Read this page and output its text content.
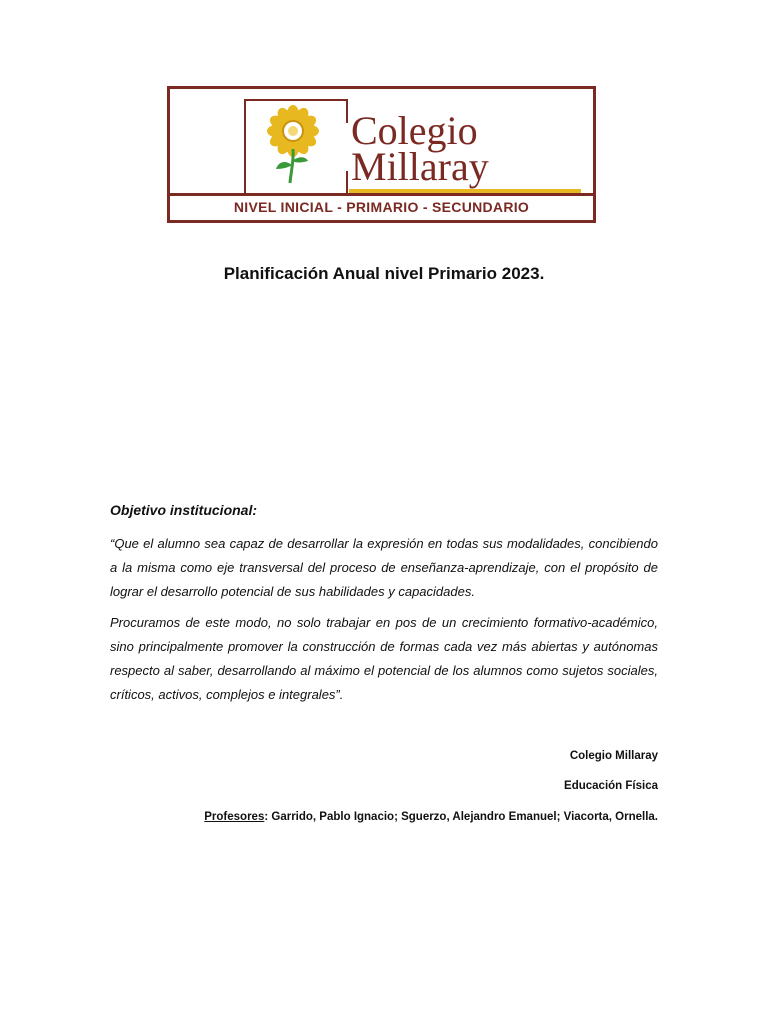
Colegio
Millaray
NIVEL INICIAL - PRIMARIO - SECUNDARIO
Planificación Anual nivel Primario 2023.
Objetivo institucional:
“Que el alumno sea capaz de desarrollar la expresión en todas sus modalidades, concibiendo a la misma como eje transversal del proceso de enseñanza-aprendizaje, con el propósito de lograr el desarrollo potencial de sus habilidades y capacidades.
Procuramos de este modo, no solo trabajar en pos de un crecimiento formativo-académico, sino principalmente promover la construcción de formas cada vez más abiertas y autónomas respecto al saber, desarrollando al máximo el potencial de los alumnos como sujetos sociales, críticos, activos, complejos e integrales”.
Colegio Millaray
Educación Física
Profesores: Garrido, Pablo Ignacio; Sguerzo, Alejandro Emanuel; Viacorta, Ornella.
